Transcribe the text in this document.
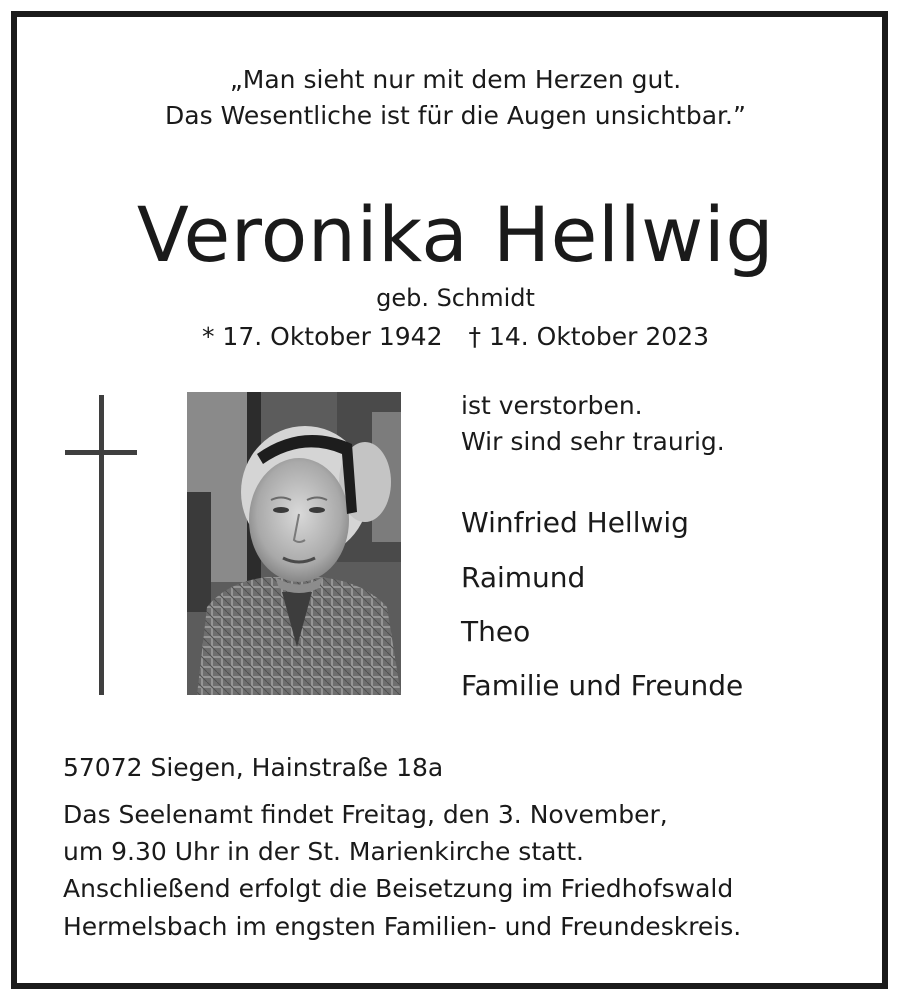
„Man sieht nur mit dem Herzen gut.
Das Wesentliche ist für die Augen unsichtbar.”
Veronika Hellwig
geb. Schmidt
* 17. Oktober 1942 † 14. Oktober 2023
ist verstorben.
Wir sind sehr traurig.
Winfried Hellwig
Raimund
Theo
Familie und Freunde
57072 Siegen, Hainstraße 18a
Das Seelenamt findet Freitag, den 3. November,
um 9.30 Uhr in der St. Marienkirche statt.
Anschließend erfolgt die Beisetzung im Friedhofswald
Hermelsbach im engsten Familien- und Freundeskreis.
